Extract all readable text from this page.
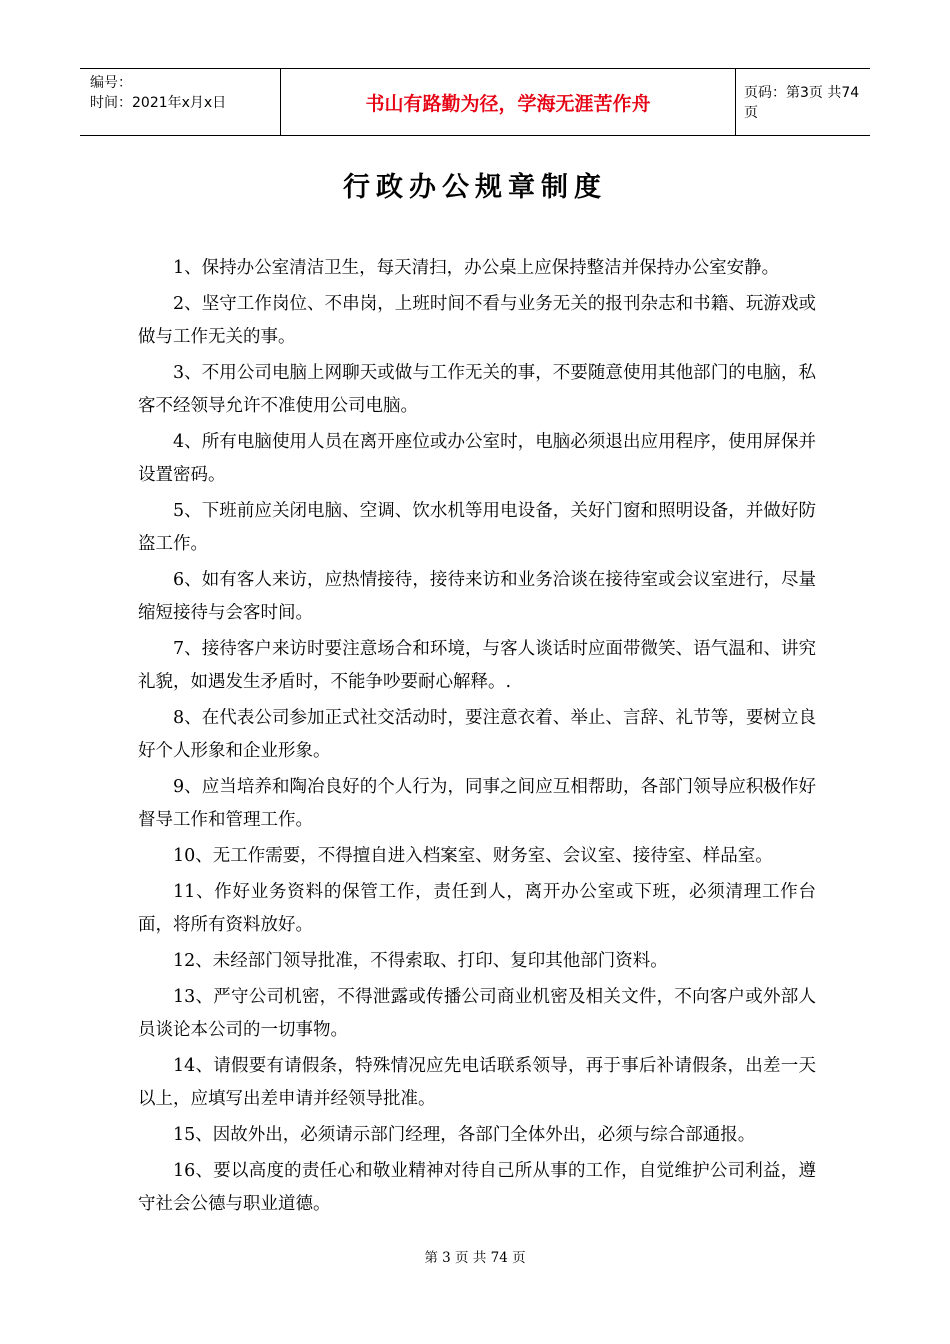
编号：
时间：2021年x月x日	书山有路勤为径，学海无涯苦作舟	页码：第3页 共74页
行政办公规章制度

1、保持办公室清洁卫生，每天清扫，办公桌上应保持整洁并保持办公室安静。

2、坚守工作岗位、不串岗，上班时间不看与业务无关的报刊杂志和书籍、玩游戏或做与工作无关的事。

3、不用公司电脑上网聊天或做与工作无关的事，不要随意使用其他部门的电脑，私客不经领导允许不准使用公司电脑。

4、所有电脑使用人员在离开座位或办公室时，电脑必须退出应用程序，使用屏保并设置密码。

5、下班前应关闭电脑、空调、饮水机等用电设备，关好门窗和照明设备，并做好防盗工作。

6、如有客人来访，应热情接待，接待来访和业务洽谈在接待室或会议室进行，尽量缩短接待与会客时间。

7、接待客户来访时要注意场合和环境，与客人谈话时应面带微笑、语气温和、讲究礼貌，如遇发生矛盾时，不能争吵要耐心解释。.

8、在代表公司参加正式社交活动时，要注意衣着、举止、言辞、礼节等，要树立良好个人形象和企业形象。

9、应当培养和陶冶良好的个人行为，同事之间应互相帮助，各部门领导应积极作好督导工作和管理工作。

10、无工作需要，不得擅自进入档案室、财务室、会议室、接待室、样品室。

11、作好业务资料的保管工作，责任到人，离开办公室或下班，必须清理工作台面，将所有资料放好。

12、未经部门领导批准，不得索取、打印、复印其他部门资料。

13、严守公司机密，不得泄露或传播公司商业机密及相关文件，不向客户或外部人员谈论本公司的一切事物。

14、请假要有请假条，特殊情况应先电话联系领导，再于事后补请假条，出差一天以上，应填写出差申请并经领导批准。

15、因故外出，必须请示部门经理，各部门全体外出，必须与综合部通报。

16、要以高度的责任心和敬业精神对待自己所从事的工作，自觉维护公司利益，遵守社会公德与职业道德。

第 3 页 共 74 页
